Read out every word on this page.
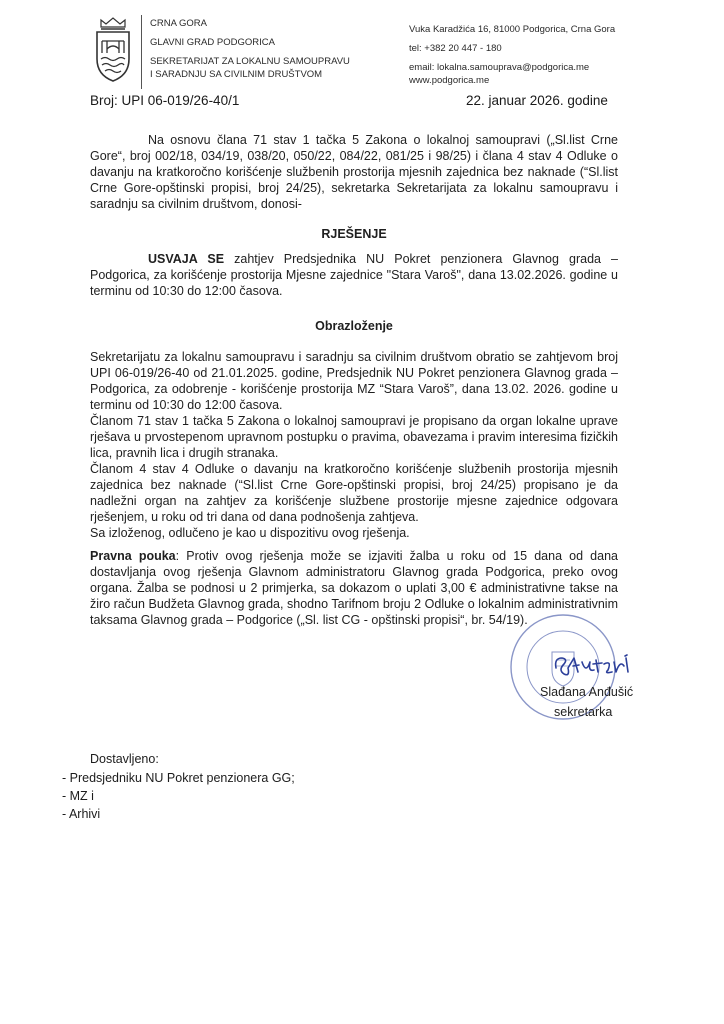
CRNA GORA
GLAVNI GRAD PODGORICA
SEKRETARIJAT ZA LOKALNU SAMOUPRAVU
I SARADNJU SA CIVILNIM DRUŠTVOM
Vuka Karadžića 16, 81000 Podgorica, Crna Gora
tel: +382 20 447 - 180
email: lokalna.samouprava@podgorica.me
www.podgorica.me
Broj: UPI 06-019/26-40/1	22. januar 2026. godine
Na osnovu člana 71 stav 1 tačka 5 Zakona o lokalnoj samoupravi („Sl.list Crne Gore“, broj 002/18, 034/19, 038/20, 050/22, 084/22, 081/25 i 98/25) i člana 4 stav 4 Odluke o davanju na kratkoročno korišćenje službenih prostorija mjesnih zajednica bez naknade (“Sl.list Crne Gore-opštinski propisi, broj 24/25), sekretarka Sekretarijata za lokalnu samoupravu i saradnju sa civilnim društvom, donosi-
RJEŠENJE
USVAJA SE zahtjev Predsjednika NU Pokret penzionera Glavnog grada – Podgorica, za korišćenje prostorija Mjesne zajednice "Stara Varoš", dana 13.02.2026. godine u terminu od 10:30 do 12:00 časova.
Obrazloženje
Sekretarijatu za lokalnu samoupravu i saradnju sa civilnim društvom obratio se zahtjevom broj UPI 06-019/26-40 od 21.01.2025. godine, Predsjednik NU Pokret penzionera Glavnog grada – Podgorica, za odobrenje - korišćenje prostorija MZ “Stara Varoš”, dana 13.02. 2026. godine u terminu od 10:30 do 12:00 časova.
Članom 71 stav 1 tačka 5 Zakona o lokalnoj samoupravi je propisano da organ lokalne uprave rješava u prvostepenom upravnom postupku o pravima, obavezama i pravim interesima fizičkih lica, pravnih lica i drugih stranaka.
Članom 4 stav 4 Odluke o davanju na kratkoročno korišćenje službenih prostorija mjesnih zajednica bez naknade (“Sl.list Crne Gore-opštinski propisi, broj 24/25) propisano je da nadležni organ na zahtjev za korišćenje službene prostorije mjesne zajednice odgovara rješenjem, u roku od tri dana od dana podnošenja zahtjeva.
Sa izloženog, odlučeno je kao u dispozitivu ovog rješenja.
Pravna pouka: Protiv ovog rješenja može se izjaviti žalba u roku od 15 dana od dana dostavljanja ovog rješenja Glavnom administratoru Glavnog grada Podgorica, preko ovog organa. Žalba se podnosi u 2 primjerka, sa dokazom o uplati 3,00 € administrativne takse na žiro račun Budžeta Glavnog grada, shodno Tarifnom broju 2 Odluke o lokalnim administrativnim taksama Glavnog grada – Podgorice („Sl. list CG - opštinski propisi“, br. 54/19).
Slađana Anđušić
sekretarka
Dostavljeno:
- Predsjedniku NU Pokret penzionera GG;
- MZ i
- Arhivi
